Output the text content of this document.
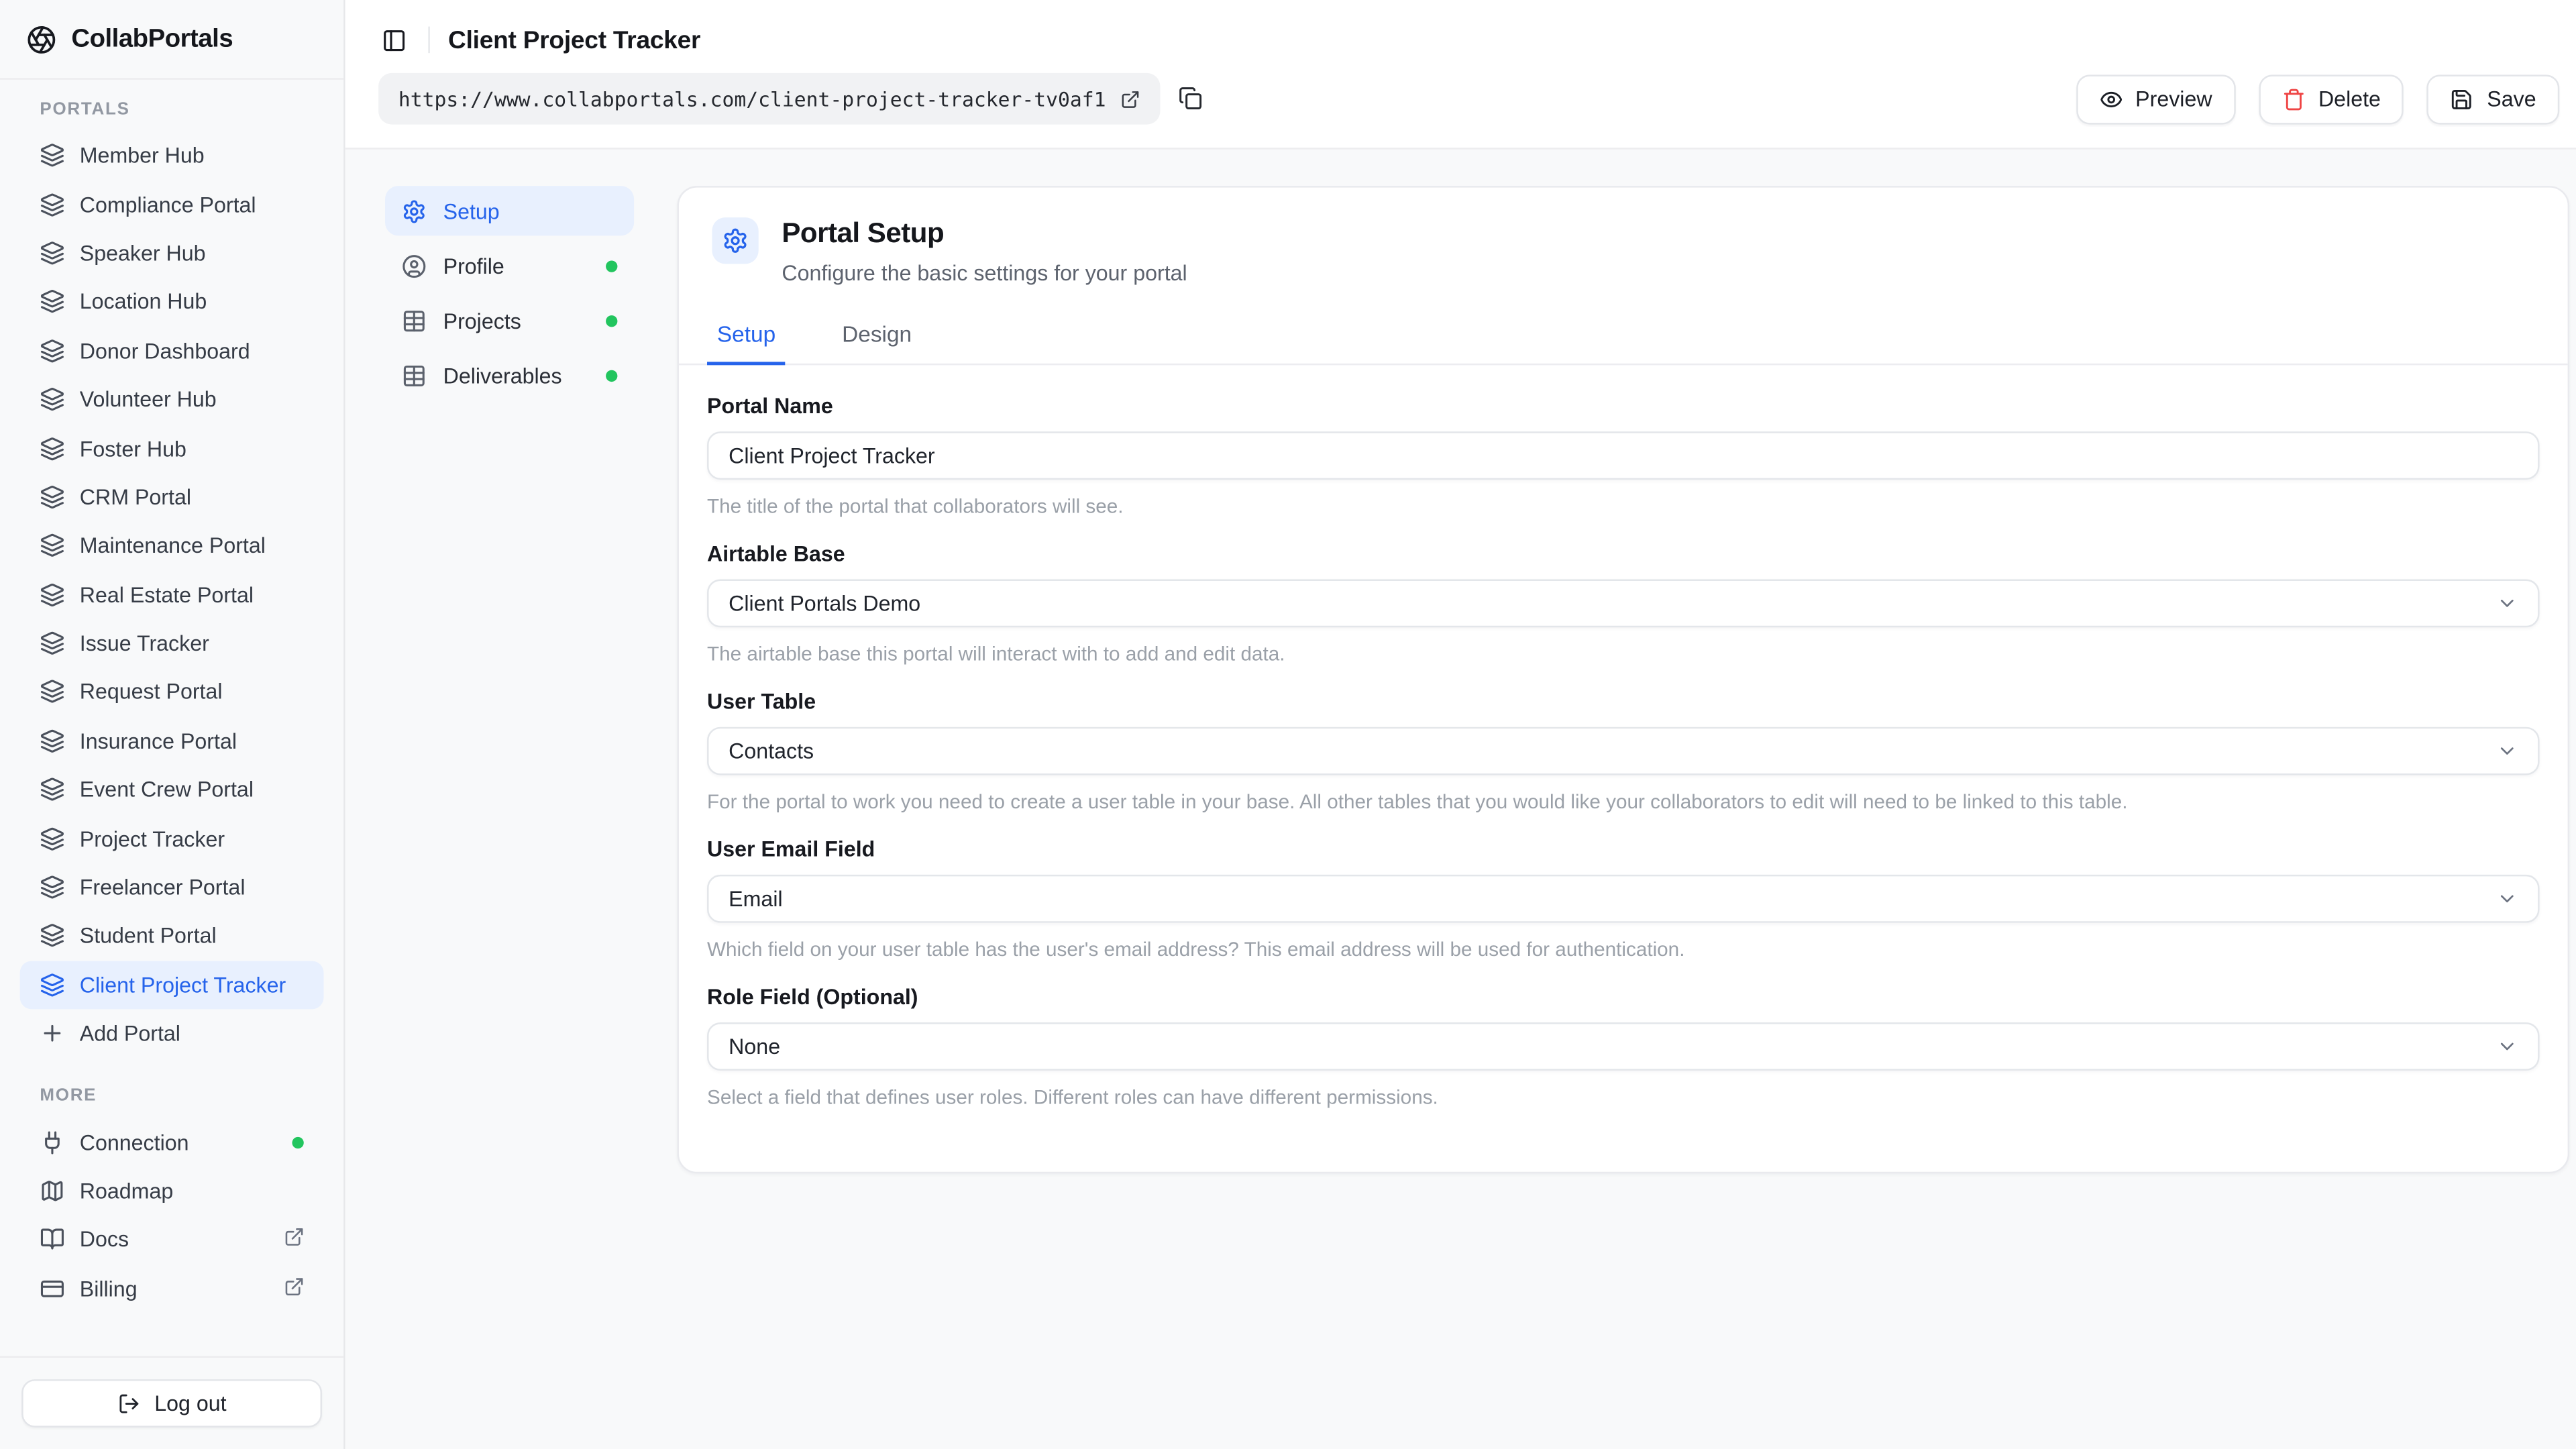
CollabPortals
PORTALS
Member Hub
Compliance Portal
Speaker Hub
Location Hub
Donor Dashboard
Volunteer Hub
Foster Hub
CRM Portal
Maintenance Portal
Real Estate Portal
Issue Tracker
Request Portal
Insurance Portal
Event Crew Portal
Project Tracker
Freelancer Portal
Student Portal
Client Project Tracker
Add Portal
MORE
Connection
Roadmap
Docs
Billing
Log out
Client Project Tracker
https://www.collabportals.com/client-project-tracker-tv0af1	Preview	Delete	Save
Setup
Profile
Projects
Deliverables
Portal Setup

Configure the basic settings for your portal

Setup	Design
Portal Name
Client Project Tracker

The title of the portal that collaborators will see.

Airtable Base
Client Portals Demo

The airtable base this portal will interact with to add and edit data.

User Table
Contacts

For the portal to work you need to create a user table in your base. All other tables that you would like your collaborators to edit will need to be linked to this table.

User Email Field
Email

Which field on your user table has the user's email address? This email address will be used for authentication.

Role Field (Optional)
None

Select a field that defines user roles. Different roles can have different permissions.
